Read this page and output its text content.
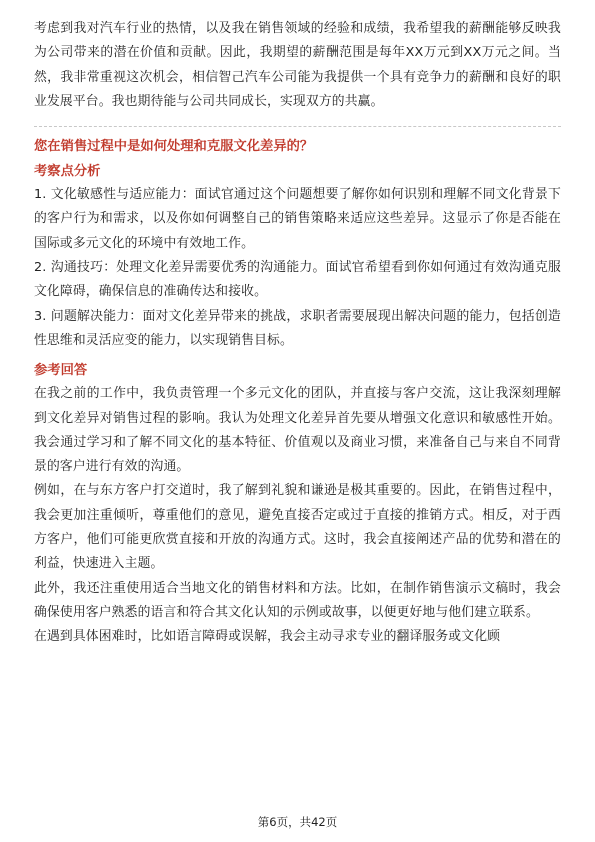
考虑到我对汽车行业的热情，以及我在销售领域的经验和成绩，我希望我的薪酬能够反映我为公司带来的潜在价值和贡献。因此，我期望的薪酬范围是每年XX万元到XX万元之间。当然，我非常重视这次机会，相信智己汽车公司能为我提供一个具有竞争力的薪酬和良好的职业发展平台。我也期待能与公司共同成长，实现双方的共赢。

您在销售过程中是如何处理和克服文化差异的？

考察点分析

1. 文化敏感性与适应能力：面试官通过这个问题想要了解你如何识别和理解不同文化背景下的客户行为和需求，以及你如何调整自己的销售策略来适应这些差异。这显示了你是否能在国际或多元文化的环境中有效地工作。

2. 沟通技巧：处理文化差异需要优秀的沟通能力。面试官希望看到你如何通过有效沟通克服文化障碍，确保信息的准确传达和接收。

3. 问题解决能力：面对文化差异带来的挑战，求职者需要展现出解决问题的能力，包括创造性思维和灵活应变的能力，以实现销售目标。

参考回答

在我之前的工作中，我负责管理一个多元文化的团队，并直接与客户交流，这让我深刻理解到文化差异对销售过程的影响。我认为处理文化差异首先要从增强文化意识和敏感性开始。我会通过学习和了解不同文化的基本特征、价值观以及商业习惯，来准备自己与来自不同背景的客户进行有效的沟通。

例如，在与东方客户打交道时，我了解到礼貌和谦逊是极其重要的。因此，在销售过程中，我会更加注重倾听，尊重他们的意见，避免直接否定或过于直接的推销方式。相反，对于西方客户，他们可能更欣赏直接和开放的沟通方式。这时，我会直接阐述产品的优势和潜在的利益，快速进入主题。

此外，我还注重使用适合当地文化的销售材料和方法。比如，在制作销售演示文稿时，我会确保使用客户熟悉的语言和符合其文化认知的示例或故事，以便更好地与他们建立联系。

在遇到具体困难时，比如语言障碍或误解，我会主动寻求专业的翻译服务或文化顾

第6页，共42页
